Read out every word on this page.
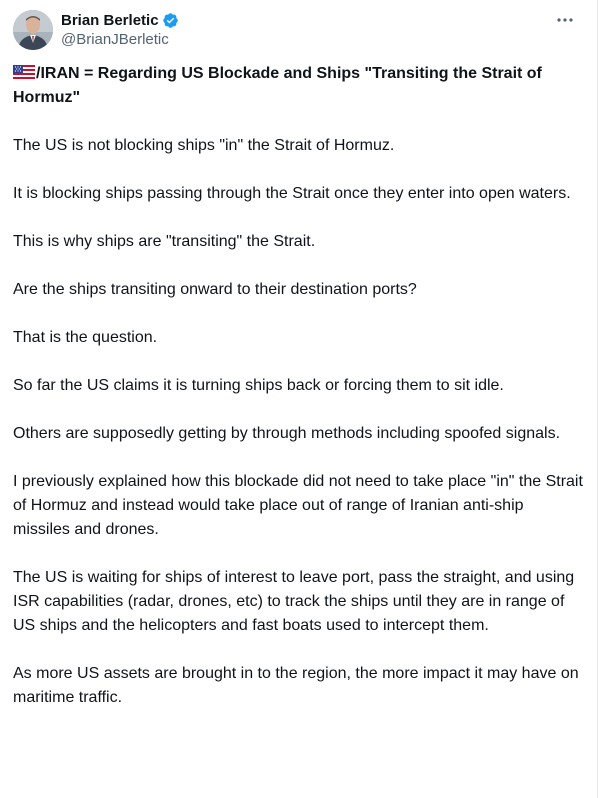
Brian Berletic
@BrianJBerletic

/IRAN = Regarding US Blockade and Ships "Transiting the Strait of Hormuz"

The US is not blocking ships "in" the Strait of Hormuz.

It is blocking ships passing through the Strait once they enter into open waters.

This is why ships are "transiting" the Strait.

Are the ships transiting onward to their destination ports?

That is the question.

So far the US claims it is turning ships back or forcing them to sit idle.

Others are supposedly getting by through methods including spoofed signals.

I previously explained how this blockade did not need to take place "in" the Strait of Hormuz and instead would take place out of range of Iranian anti-ship missiles and drones.

The US is waiting for ships of interest to leave port, pass the straight, and using ISR capabilities (radar, drones, etc) to track the ships until they are in range of US ships and the helicopters and fast boats used to intercept them.

As more US assets are brought in to the region, the more impact it may have on maritime traffic.
